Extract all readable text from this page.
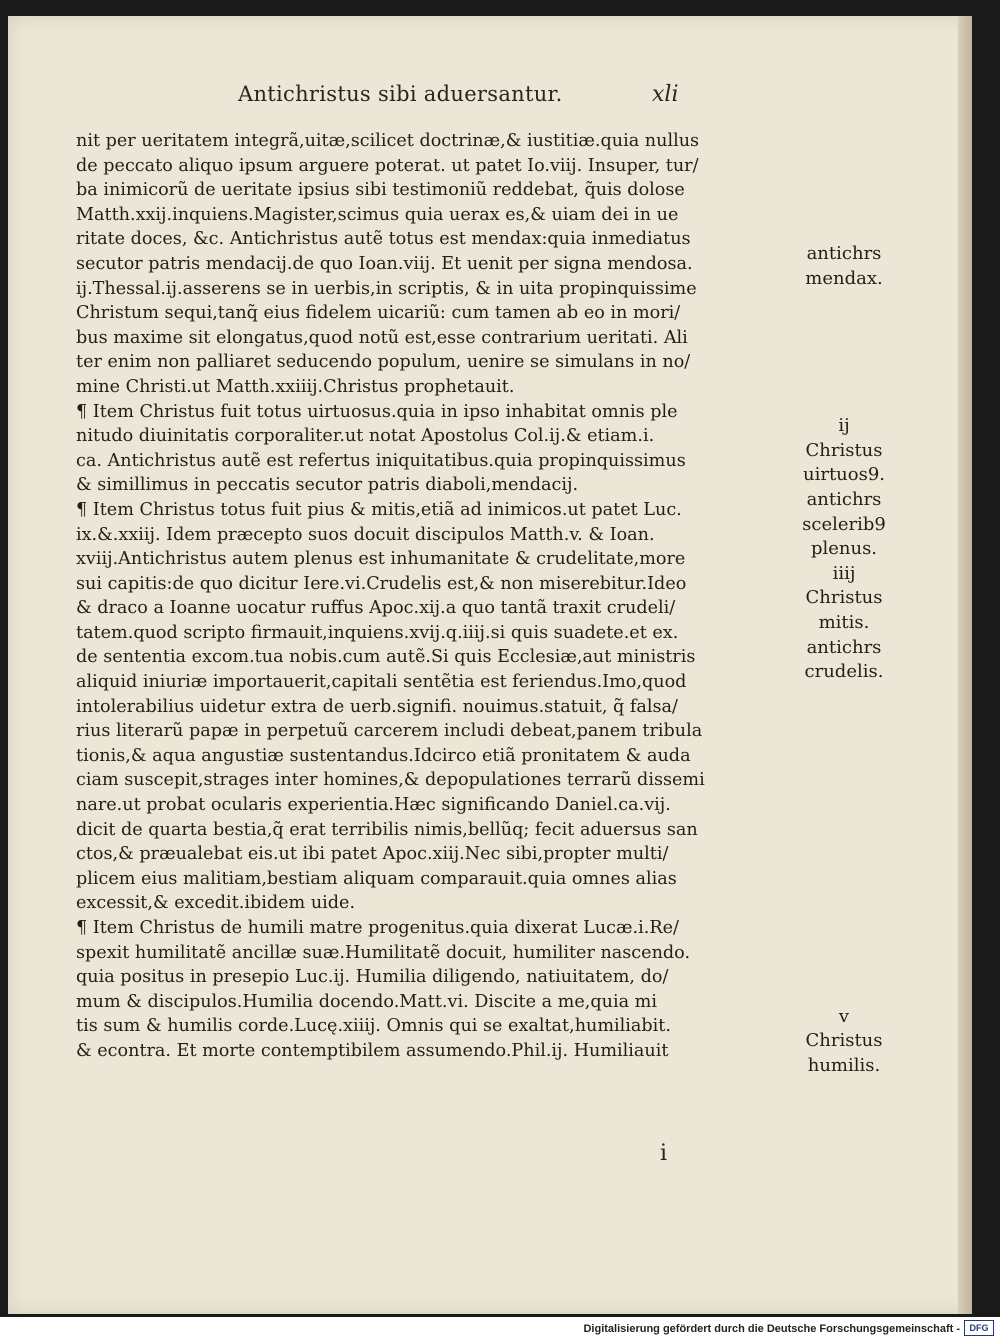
Antichristus sibi aduersantur.	xli
nit per ueritatem integrã,uitæ,scilicet doctrinæ,& iustitiæ.quia nullus
de peccato aliquo ipsum arguere poterat. ut patet Io.viij. Insuper, tur/
ba inimicorũ de ueritate ipsius sibi testimoniũ reddebat, q̃uis dolose
Matth.xxij.inquiens.Magister,scimus quia uerax es,& uiam dei in ue
ritate doces, &c. Antichristus autẽ totus est mendax:quia inmediatus
secutor patris mendacij.de quo Ioan.viij. Et uenit per signa mendosa.
ij.Thessal.ij.asserens se in uerbis,in scriptis, & in uita propinquissime
Christum sequi,tanq̃ eius fidelem uicariũ: cum tamen ab eo in mori/
bus maxime sit elongatus,quod notũ est,esse contrarium ueritati. Ali
ter enim non palliaret seducendo populum, uenire se simulans in no/
mine Christi.ut Matth.xxiiij.Christus prophetauit.
¶ Item Christus fuit totus uirtuosus.quia in ipso inhabitat omnis ple
nitudo diuinitatis corporaliter.ut notat Apostolus Col.ij.& etiam.i.
ca. Antichristus autẽ est refertus iniquitatibus.quia propinquissimus
& simillimus in peccatis secutor patris diaboli,mendacij.
¶ Item Christus totus fuit pius & mitis,etiã ad inimicos.ut patet Luc.
ix.&.xxiij. Idem præcepto suos docuit discipulos Matth.v. & Ioan.
xviij.Antichristus autem plenus est inhumanitate & crudelitate,more
sui capitis:de quo dicitur Iere.vi.Crudelis est,& non miserebitur.Ideo
& draco a Ioanne uocatur ruffus Apoc.xij.a quo tantã traxit crudeli/
tatem.quod scripto firmauit,inquiens.xvij.q.iiij.si quis suadete.et ex.
de sententia excom.tua nobis.cum autẽ.Si quis Ecclesiæ,aut ministris
aliquid iniuriæ importauerit,capitali sentẽtia est feriendus.Imo,quod
intolerabilius uidetur extra de uerb.signifi. nouimus.statuit, q̃ falsa/
rius literarũ papæ in perpetuũ carcerem includi debeat,panem tribula
tionis,& aqua angustiæ sustentandus.Idcirco etiã pronitatem & auda
ciam suscepit,strages inter homines,& depopulationes terrarũ dissemi
nare.ut probat ocularis experientia.Hæc significando Daniel.ca.vij.
dicit de quarta bestia,q̃ erat terribilis nimis,bellũq; fecit aduersus san
ctos,& præualebat eis.ut ibi patet Apoc.xiij.Nec sibi,propter multi/
plicem eius malitiam,bestiam aliquam comparauit.quia omnes alias
excessit,& excedit.ibidem uide.
¶ Item Christus de humili matre progenitus.quia dixerat Lucæ.i.Re/
spexit humilitatẽ ancillæ suæ.Humilitatẽ docuit, humiliter nascendo.
quia positus in presepio Luc.ij. Humilia diligendo, natiuitatem, do/
mum & discipulos.Humilia docendo.Matt.vi. Discite a me,quia mi
tis sum & humilis corde.Lucę.xiiij. Omnis qui se exaltat,humiliabit.
& econtra. Et morte contemptibilem assumendo.Phil.ij. Humiliauit
antichrs
mendax.
ij
Christus
uirtuos9.
antichrs
scelerib9
plenus.
iiij
Christus
mitis.
antichrs
crudelis.
v
Christus
humilis.
i
Digitalisierung gefördert durch die Deutsche Forschungsgemeinschaft -	DFG
